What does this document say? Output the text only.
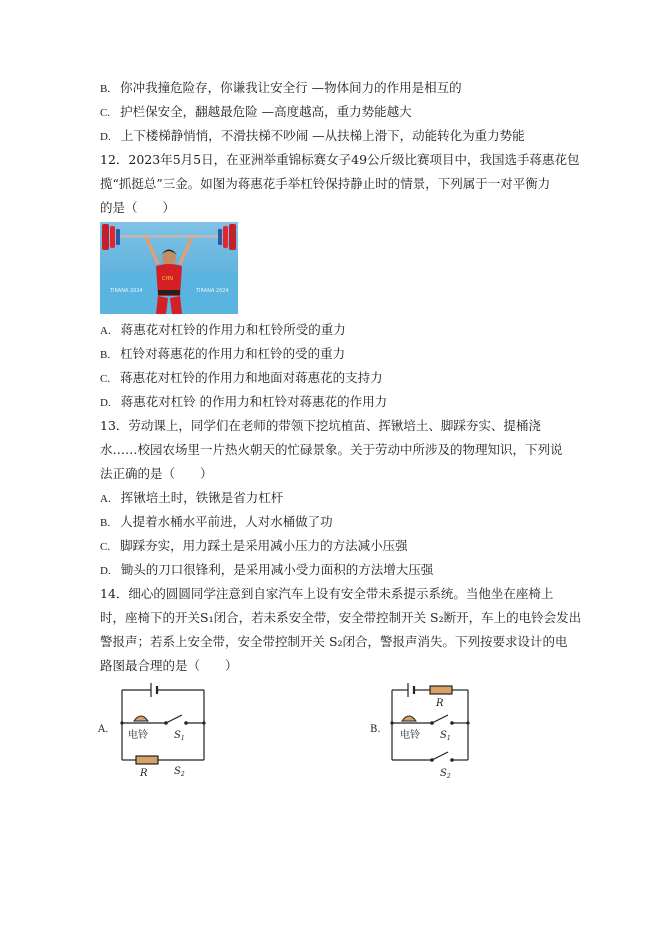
B. 你冲我撞危险存，你谦我让安全行 —物体间力的作用是相互的
C. 护栏保安全，翻越最危险 —高度越高，重力势能越大
D. 上下楼梯静悄悄，不滑扶梯不吵闹 —从扶梯上滑下，动能转化为重力势能
12．2023年5月5日，在亚洲举重锦标赛女子49公斤级比赛项目中，我国选手蒋惠花包
揽“抓挺总”三金。如图为蒋惠花手举杠铃保持静止时的情景，下列属于一对平衡力
的是（　　）
TIRANA 2024	TIRANA 2024
CHN
A. 蒋惠花对杠铃的作用力和杠铃所受的重力
B. 杠铃对蒋惠花的作用力和杠铃的受的重力
C. 蒋惠花对杠铃的作用力和地面对蒋惠花的支持力
D. 蒋惠花对杠铃 的作用力和杠铃对蒋惠花的作用力
13．劳动课上，同学们在老师的带领下挖坑植苗、挥锹培土、脚踩夯实、提桶浇
水……校园农场里一片热火朝天的忙碌景象。关于劳动中所涉及的物理知识，下列说
法正确的是（　　）
A. 挥锹培土时，铁锹是省力杠杆
B. 人提着水桶水平前进，人对水桶做了功
C. 脚踩夯实，用力踩土是采用减小压力的方法减小压强
D. 锄头的刀口很锋利，是采用减小受力面积的方法增大压强
14．细心的圆圆同学注意到自家汽车上设有安全带未系提示系统。当他坐在座椅上
时，座椅下的开关S₁闭合，若未系安全带，安全带控制开关 S₂断开，车上的电铃会发出
警报声；若系上安全带，安全带控制开关 S₂闭合，警报声消失。下列按要求设计的电
路图最合理的是（　　）
A.
电铃	$S_1$
R	$S_2$
R
B.
电铃 $S_1$
$S_2$
